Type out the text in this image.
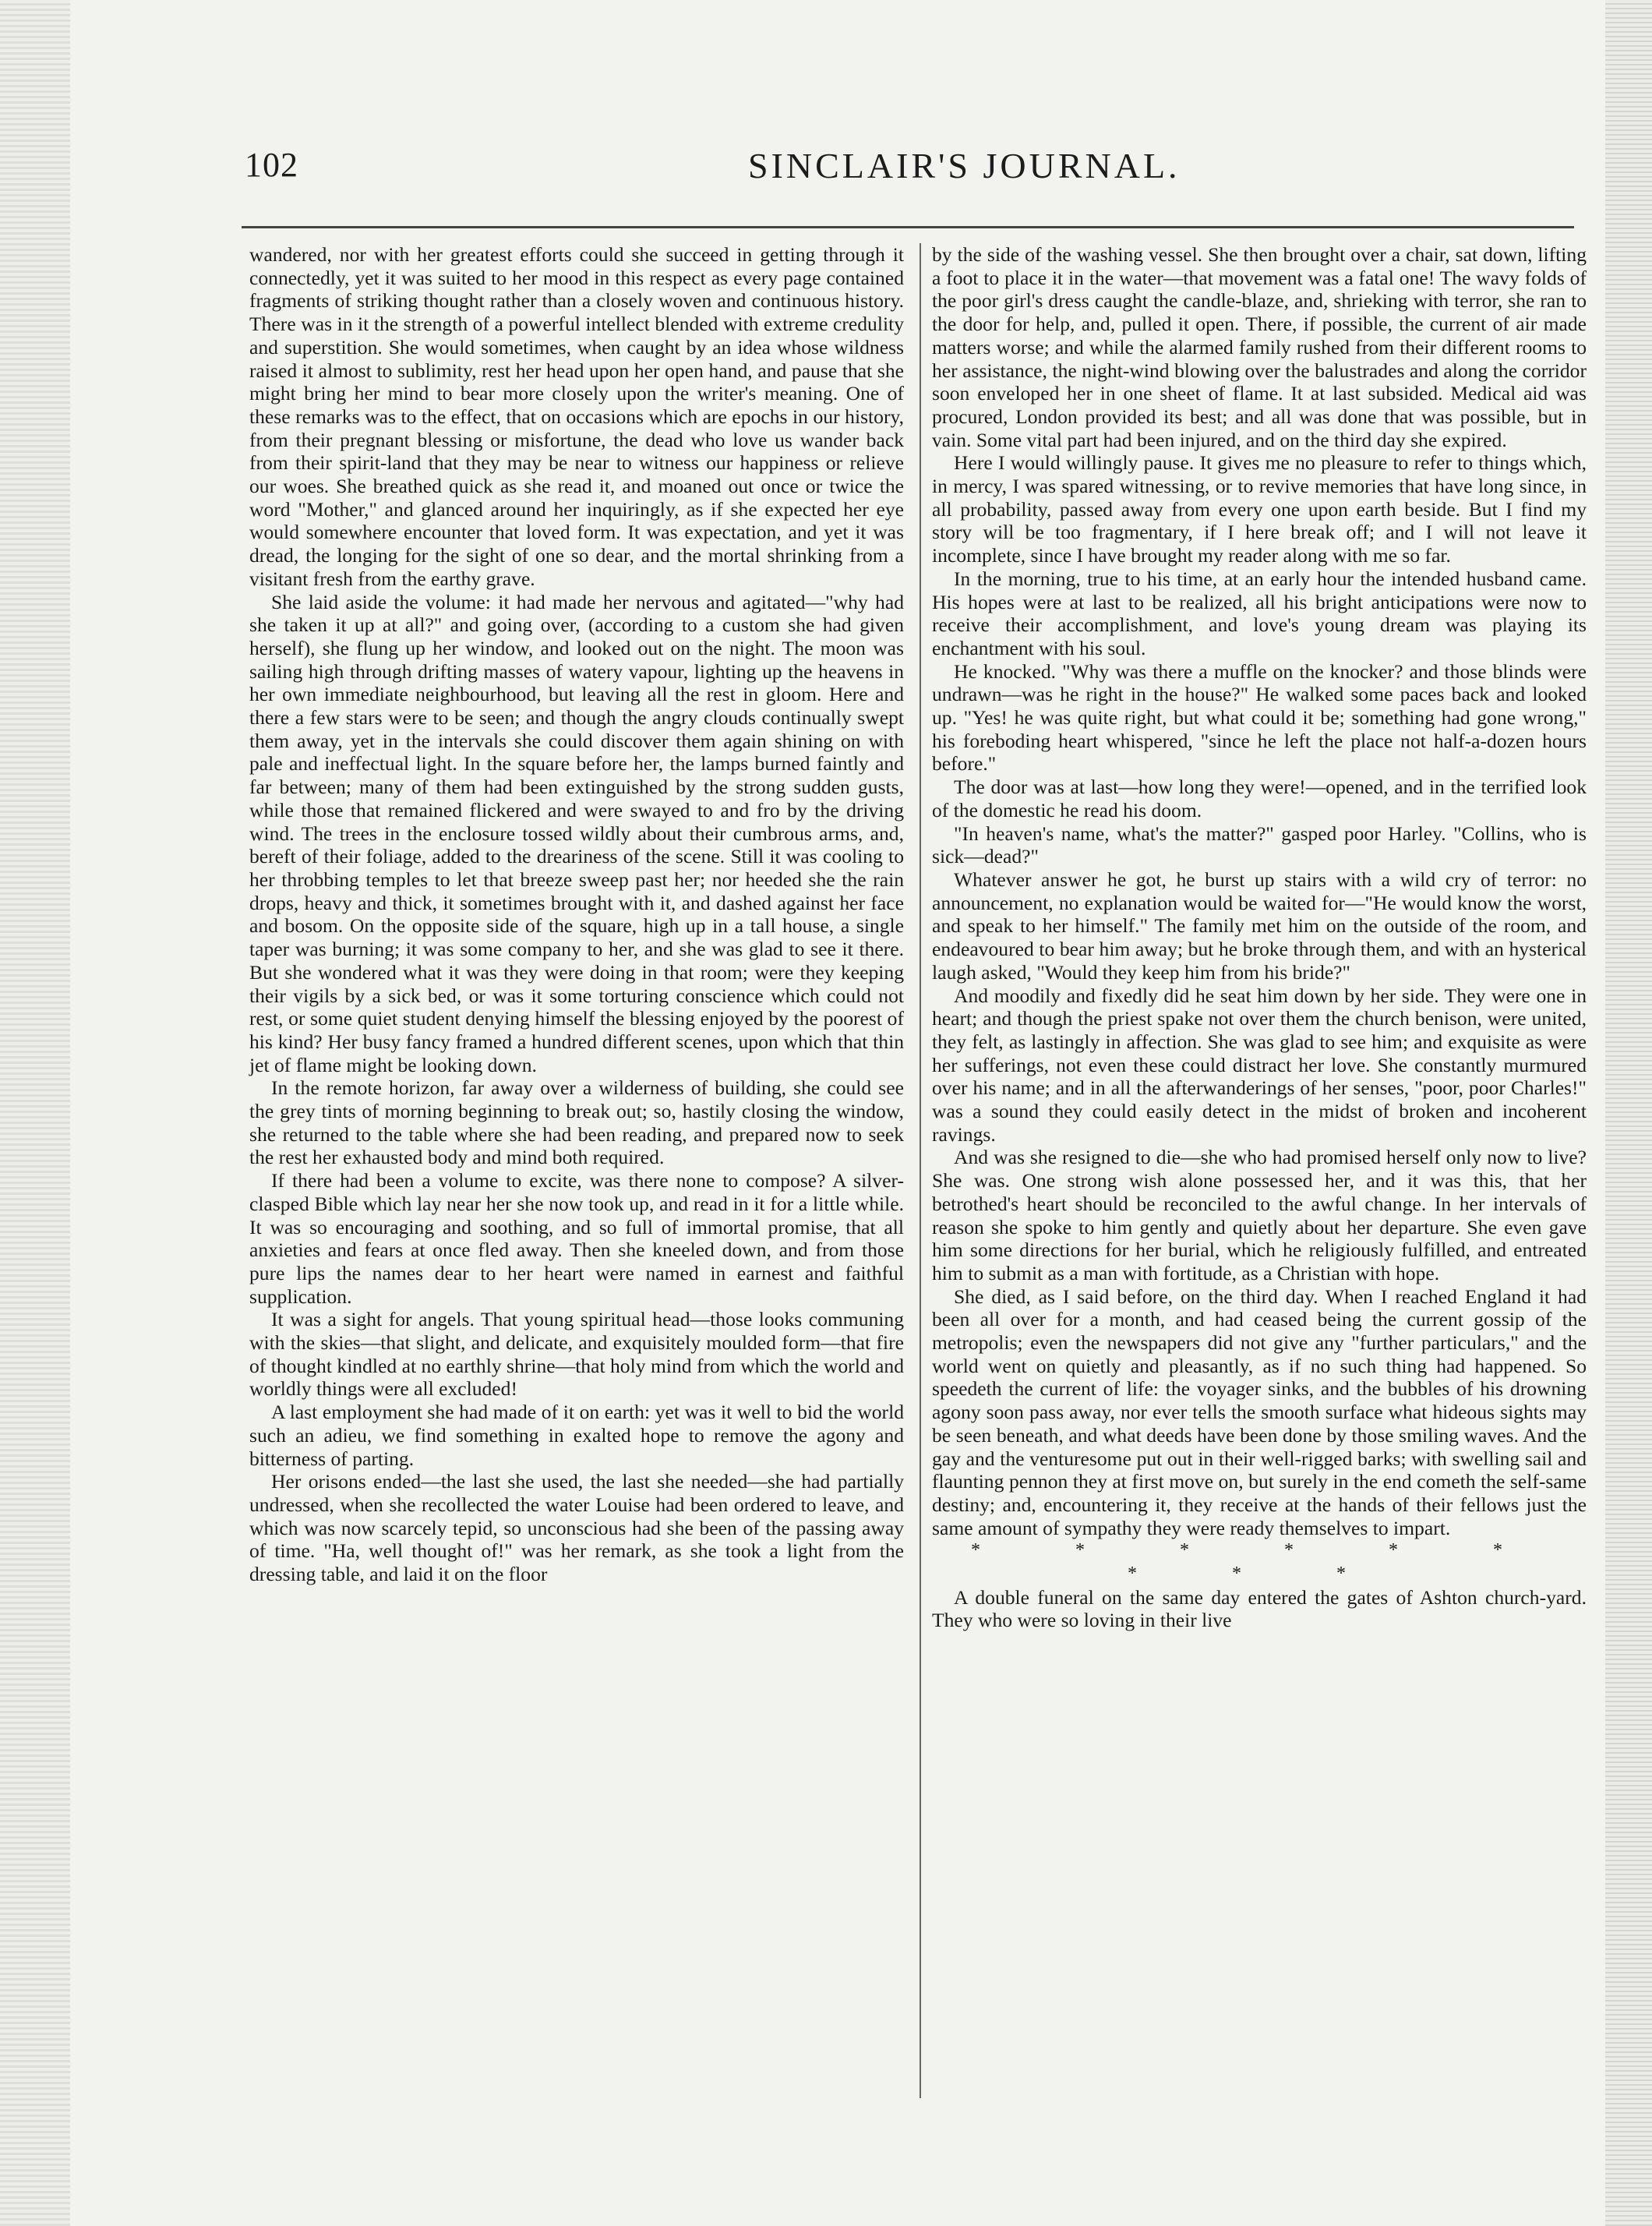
102	SINCLAIR'S JOURNAL.

wandered, nor with her greatest efforts could she succeed in getting through it connectedly, yet it was suited to her mood in this respect as every page contained fragments of striking thought rather than a closely woven and continuous history. There was in it the strength of a powerful intellect blended with extreme credulity and superstition. She would sometimes, when caught by an idea whose wildness raised it almost to sublimity, rest her head upon her open hand, and pause that she might bring her mind to bear more closely upon the writer's meaning. One of these remarks was to the effect, that on occasions which are epochs in our history, from their pregnant blessing or misfortune, the dead who love us wander back from their spirit-land that they may be near to witness our happiness or relieve our woes. She breathed quick as she read it, and moaned out once or twice the word "Mother," and glanced around her inquiringly, as if she expected her eye would somewhere encounter that loved form. It was expectation, and yet it was dread, the longing for the sight of one so dear, and the mortal shrinking from a visitant fresh from the earthy grave.

She laid aside the volume: it had made her nervous and agitated—"why had she taken it up at all?" and going over, (according to a custom she had given herself), she flung up her window, and looked out on the night. The moon was sailing high through drifting masses of watery vapour, lighting up the heavens in her own immediate neighbourhood, but leaving all the rest in gloom. Here and there a few stars were to be seen; and though the angry clouds continually swept them away, yet in the intervals she could discover them again shining on with pale and ineffectual light. In the square before her, the lamps burned faintly and far between; many of them had been extinguished by the strong sudden gusts, while those that remained flickered and were swayed to and fro by the driving wind. The trees in the enclosure tossed wildly about their cumbrous arms, and, bereft of their foliage, added to the dreariness of the scene. Still it was cooling to her throbbing temples to let that breeze sweep past her; nor heeded she the rain drops, heavy and thick, it sometimes brought with it, and dashed against her face and bosom. On the opposite side of the square, high up in a tall house, a single taper was burning; it was some company to her, and she was glad to see it there. But she wondered what it was they were doing in that room; were they keeping their vigils by a sick bed, or was it some torturing conscience which could not rest, or some quiet student denying himself the blessing enjoyed by the poorest of his kind? Her busy fancy framed a hundred different scenes, upon which that thin jet of flame might be looking down.

In the remote horizon, far away over a wilderness of building, she could see the grey tints of morning beginning to break out; so, hastily closing the window, she returned to the table where she had been reading, and prepared now to seek the rest her exhausted body and mind both required.

If there had been a volume to excite, was there none to compose? A silver-clasped Bible which lay near her she now took up, and read in it for a little while. It was so encouraging and soothing, and so full of immortal promise, that all anxieties and fears at once fled away. Then she kneeled down, and from those pure lips the names dear to her heart were named in earnest and faithful supplication.

It was a sight for angels. That young spiritual head—those looks communing with the skies—that slight, and delicate, and exquisitely moulded form—that fire of thought kindled at no earthly shrine—that holy mind from which the world and worldly things were all excluded!

A last employment she had made of it on earth: yet was it well to bid the world such an adieu, we find something in exalted hope to remove the agony and bitterness of parting.

Her orisons ended—the last she used, the last she needed—she had partially undressed, when she recollected the water Louise had been ordered to leave, and which was now scarcely tepid, so unconscious had she been of the passing away of time. "Ha, well thought of!" was her remark, as she took a light from the dressing table, and laid it on the floor

by the side of the washing vessel. She then brought over a chair, sat down, lifting a foot to place it in the water—that movement was a fatal one! The wavy folds of the poor girl's dress caught the candle-blaze, and, shrieking with terror, she ran to the door for help, and, pulled it open. There, if possible, the current of air made matters worse; and while the alarmed family rushed from their different rooms to her assistance, the night-wind blowing over the balustrades and along the corridor soon enveloped her in one sheet of flame. It at last subsided. Medical aid was procured, London provided its best; and all was done that was possible, but in vain. Some vital part had been injured, and on the third day she expired.

Here I would willingly pause. It gives me no pleasure to refer to things which, in mercy, I was spared witnessing, or to revive memories that have long since, in all probability, passed away from every one upon earth beside. But I find my story will be too fragmentary, if I here break off; and I will not leave it incomplete, since I have brought my reader along with me so far.

In the morning, true to his time, at an early hour the intended husband came. His hopes were at last to be realized, all his bright anticipations were now to receive their accomplishment, and love's young dream was playing its enchantment with his soul.

He knocked. "Why was there a muffle on the knocker? and those blinds were undrawn—was he right in the house?" He walked some paces back and looked up. "Yes! he was quite right, but what could it be; something had gone wrong," his foreboding heart whispered, "since he left the place not half-a-dozen hours before."

The door was at last—how long they were!—opened, and in the terrified look of the domestic he read his doom.

"In heaven's name, what's the matter?" gasped poor Harley. "Collins, who is sick—dead?"

Whatever answer he got, he burst up stairs with a wild cry of terror: no announcement, no explanation would be waited for—"He would know the worst, and speak to her himself." The family met him on the outside of the room, and endeavoured to bear him away; but he broke through them, and with an hysterical laugh asked, "Would they keep him from his bride?"

And moodily and fixedly did he seat him down by her side. They were one in heart; and though the priest spake not over them the church benison, were united, they felt, as lastingly in affection. She was glad to see him; and exquisite as were her sufferings, not even these could distract her love. She constantly murmured over his name; and in all the afterwanderings of her senses, "poor, poor Charles!" was a sound they could easily detect in the midst of broken and incoherent ravings.

And was she resigned to die—she who had promised herself only now to live? She was. One strong wish alone possessed her, and it was this, that her betrothed's heart should be reconciled to the awful change. In her intervals of reason she spoke to him gently and quietly about her departure. She even gave him some directions for her burial, which he religiously fulfilled, and entreated him to submit as a man with fortitude, as a Christian with hope.

She died, as I said before, on the third day. When I reached England it had been all over for a month, and had ceased being the current gossip of the metropolis; even the newspapers did not give any "further particulars," and the world went on quietly and pleasantly, as if no such thing had happened. So speedeth the current of life: the voyager sinks, and the bubbles of his drowning agony soon pass away, nor ever tells the smooth surface what hideous sights may be seen beneath, and what deeds have been done by those smiling waves. And the gay and the venturesome put out in their well-rigged barks; with swelling sail and flaunting pennon they at first move on, but surely in the end cometh the self-same destiny; and, encountering it, they receive at the hands of their fellows just the same amount of sympathy they were ready themselves to impart.

* * * * * * * * *

A double funeral on the same day entered the gates of Ashton church-yard. They who were so loving in their live
